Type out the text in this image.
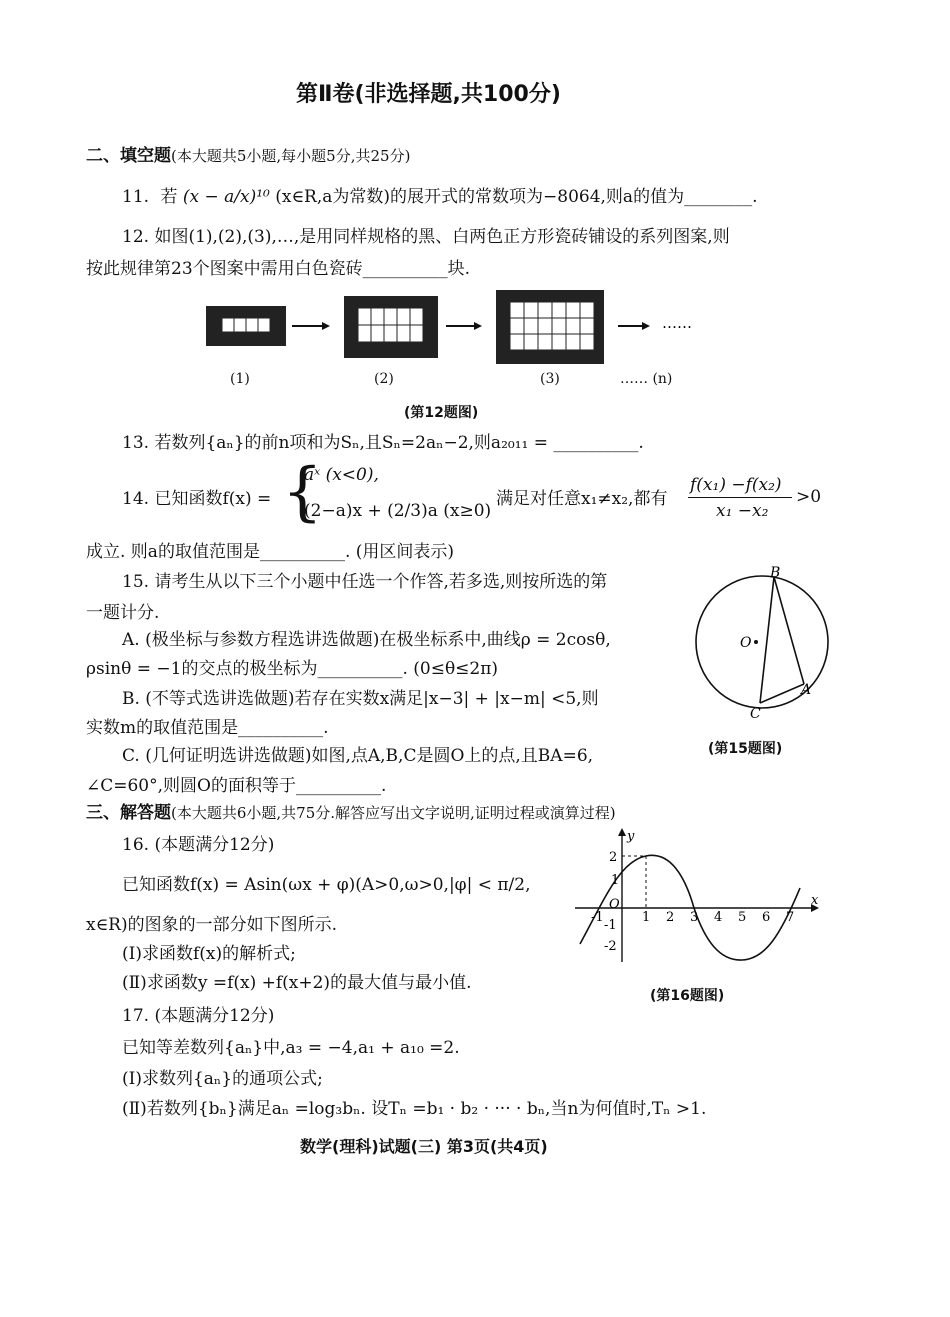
第Ⅱ卷(非选择题,共100分)
二、填空题(本大题共5小题,每小题5分,共25分)
11. 若 (x − a/x)¹⁰ (x∈R,a为常数)的展开式的常数项为−8064,则a的值为________.
12. 如图(1),(2),(3),…,是用同样规格的黑、白两色正方形瓷砖铺设的系列图案,则
按此规律第23个图案中需用白色瓷砖__________块.
……
(1)	(2)	(3)	…… (n)
(第12题图)
13. 若数列{aₙ}的前n项和为Sₙ,且Sₙ=2aₙ−2,则a₂₀₁₁ = __________.
14. 已知函数f(x) = {
aˣ (x<0),
(2−a)x + (2/3)a (x≥0)
满足对任意x₁≠x₂,都有
f(x₁) −f(x₂)
x₁ −x₂
>0
成立. 则a的取值范围是__________. (用区间表示)
15. 请考生从以下三个小题中任选一个作答,若多选,则按所选的第
一题计分.
A. (极坐标与参数方程选讲选做题)在极坐标系中,曲线ρ = 2cosθ,
ρsinθ = −1的交点的极坐标为__________. (0≤θ≤2π)
B. (不等式选讲选做题)若存在实数x满足|x−3| + |x−m| <5,则
实数m的取值范围是__________.
C. (几何证明选讲选做题)如图,点A,B,C是圆O上的点,且BA=6,
∠C=60°,则圆O的面积等于__________.
B
O
A
C
(第15题图)
三、解答题(本大题共6小题,共75分.解答应写出文字说明,证明过程或演算过程)
16. (本题满分12分)
已知函数f(x) = Asin(ωx + φ)(A>0,ω>0,|φ| < π/2,
x∈R)的图象的一部分如下图所示.
(Ⅰ)求函数f(x)的解析式;
(Ⅱ)求函数y =f(x) +f(x+2)的最大值与最小值.
y
x
O
-1	1 2 3 4 5 6 7
2
1
-1
-2
(第16题图)
17. (本题满分12分)
已知等差数列{aₙ}中,a₃ = −4,a₁ + a₁₀ =2.
(Ⅰ)求数列{aₙ}的通项公式;
(Ⅱ)若数列{bₙ}满足aₙ =log₃bₙ. 设Tₙ =b₁ · b₂ · ··· · bₙ,当n为何值时,Tₙ >1.
数学(理科)试题(三) 第3页(共4页)
